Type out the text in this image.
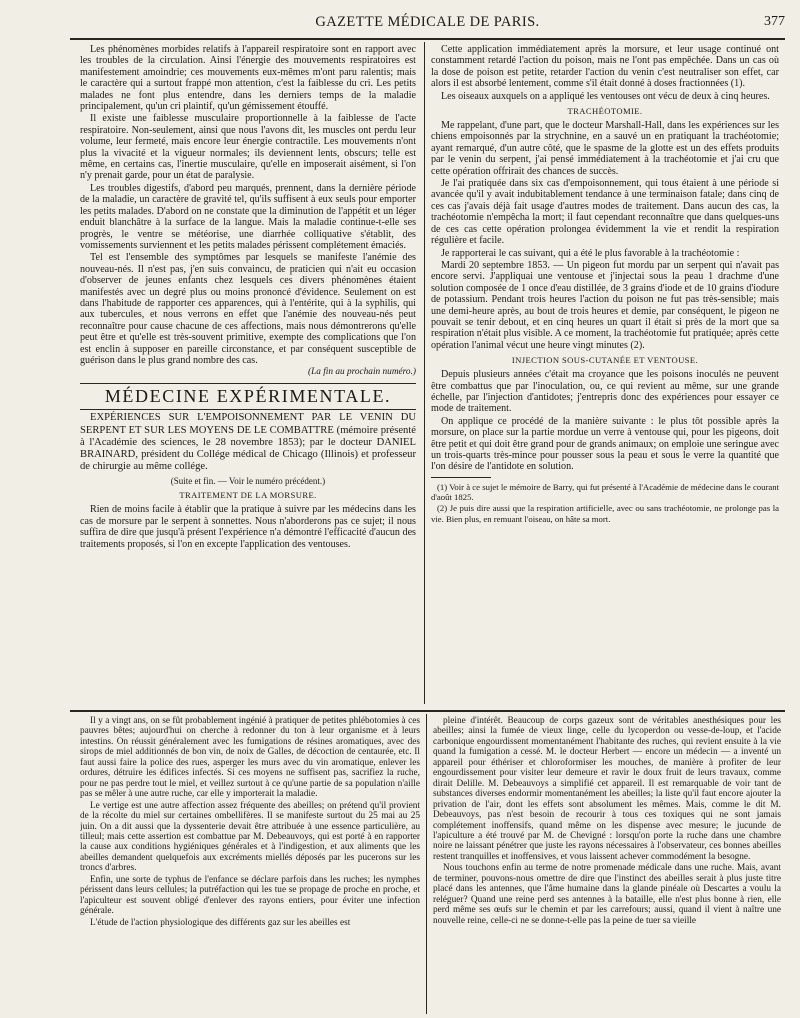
GAZETTE MÉDICALE DE PARIS.	377

Les phénomènes morbides relatifs à l'appareil respiratoire sont en rapport avec les troubles de la circulation. Ainsi l'énergie des mouvements respiratoires est manifestement amoindrie; ces mouvements eux-mêmes m'ont paru ralentis; mais le caractère qui a surtout frappé mon attention, c'est la faiblesse du cri. Les petits malades ne font plus entendre, dans les derniers temps de la maladie principalement, qu'un cri plaintif, qu'un gémissement étouffé.

Il existe une faiblesse musculaire proportionnelle à la faiblesse de l'acte respiratoire. Non-seulement, ainsi que nous l'avons dit, les muscles ont perdu leur volume, leur fermeté, mais encore leur énergie contractile. Les mouvements n'ont plus la vivacité et la vigueur normales; ils deviennent lents, obscurs; telle est même, en certains cas, l'inertie musculaire, qu'elle en imposerait aisément, si l'on n'y prenait garde, pour un état de paralysie.

Les troubles digestifs, d'abord peu marqués, prennent, dans la dernière période de la maladie, un caractère de gravité tel, qu'ils suffisent à eux seuls pour emporter les petits malades. D'abord on ne constate que la diminution de l'appétit et un léger enduit blanchâtre à la surface de la langue. Mais la maladie continue-t-elle ses progrès, le ventre se météorise, une diarrhée colliquative s'établit, des vomissements surviennent et les petits malades périssent complétement émaciés.

Tel est l'ensemble des symptômes par lesquels se manifeste l'anémie des nouveau-nés. Il n'est pas, j'en suis convaincu, de praticien qui n'ait eu occasion d'observer de jeunes enfants chez lesquels ces divers phénomènes étaient manifestés avec un degré plus ou moins prononcé d'évidence. Seulement on est dans l'habitude de rapporter ces apparences, qui à l'entérite, qui à la syphilis, qui aux tubercules, et nous verrons en effet que l'anémie des nouveau-nés peut reconnaître pour cause chacune de ces affections, mais nous démontrerons qu'elle peut être et qu'elle est très-souvent primitive, exempte des complications que l'on est enclin à supposer en pareille circonstance, et par conséquent susceptible de guérison dans le plus grand nombre des cas.

(La fin au prochain numéro.)
MÉDECINE EXPÉRIMENTALE.

EXPÉRIENCES SUR L'EMPOISONNEMENT PAR LE VENIN DU SERPENT ET SUR LES MOYENS DE LE COMBATTRE (mémoire présenté à l'Académie des sciences, le 28 novembre 1853); par le docteur DANIEL BRAINARD, président du Collége médical de Chicago (Illinois) et professeur de chirurgie au même collége.

(Suite et fin. — Voir le numéro précédent.)
TRAITEMENT DE LA MORSURE.

Rien de moins facile à établir que la pratique à suivre par les médecins dans les cas de morsure par le serpent à sonnettes. Nous n'aborderons pas ce sujet; il nous suffira de dire que jusqu'à présent l'expérience n'a démontré l'efficacité d'aucun des traitements proposés, si l'on en excepte l'application des ventouses.

Cette application immédiatement après la morsure, et leur usage continué ont constamment retardé l'action du poison, mais ne l'ont pas empêchée. Dans un cas où la dose de poison est petite, retarder l'action du venin c'est neutraliser son effet, car alors il est absorbé lentement, comme s'il était donné à doses fractionnées (1).

Les oiseaux auxquels on a appliqué les ventouses ont vécu de deux à cinq heures.

TRACHÉOTOMIE.

Me rappelant, d'une part, que le docteur Marshall-Hall, dans les expériences sur les chiens empoisonnés par la strychnine, en a sauvé un en pratiquant la trachéotomie; ayant remarqué, d'un autre côté, que le spasme de la glotte est un des effets produits par le venin du serpent, j'ai pensé immédiatement à la trachéotomie et j'ai cru que cette opération offrirait des chances de succès.

Je l'ai pratiquée dans six cas d'empoisonnement, qui tous étaient à une période si avancée qu'il y avait indubitablement tendance à une terminaison fatale; dans cinq de ces cas j'avais déjà fait usage d'autres modes de traitement. Dans aucun des cas, la trachéotomie n'empêcha la mort; il faut cependant reconnaître que dans quelques-uns de ces cas cette opération prolongea évidemment la vie et rendit la respiration régulière et facile.

Je rapporterai le cas suivant, qui a été le plus favorable à la trachéotomie :

Mardi 20 septembre 1853. — Un pigeon fut mordu par un serpent qui n'avait pas encore servi. J'appliquai une ventouse et j'injectai sous la peau 1 drachme d'une solution composée de 1 once d'eau distillée, de 3 grains d'iode et de 10 grains d'iodure de potassium. Pendant trois heures l'action du poison ne fut pas très-sensible; mais une demi-heure après, au bout de trois heures et demie, par conséquent, le pigeon ne pouvait se tenir debout, et en cinq heures un quart il était si près de la mort que sa respiration n'était plus visible. A ce moment, la trachéotomie fut pratiquée; après cette opération l'animal vécut une heure vingt minutes (2).

INJECTION SOUS-CUTANÉE ET VENTOUSE.

Depuis plusieurs années c'était ma croyance que les poisons inoculés ne peuvent être combattus que par l'inoculation, ou, ce qui revient au même, sur une grande échelle, par l'injection d'antidotes; j'entrepris donc des expériences pour essayer ce mode de traitement.

On applique ce procédé de la manière suivante : le plus tôt possible après la morsure, on place sur la partie mordue un verre à ventouse qui, pour les pigeons, doit être petit et qui doit être grand pour de grands animaux; on emploie une seringue avec un trois-quarts très-mince pour pousser sous la peau et sous le verre la quantité que l'on désire de l'antidote en solution.

(1) Voir à ce sujet le mémoire de Barry, qui fut présenté à l'Académie de médecine dans le courant d'août 1825.

(2) Je puis dire aussi que la respiration artificielle, avec ou sans trachéotomie, ne prolonge pas la vie. Bien plus, en remuant l'oiseau, on hâte sa mort.

Il y a vingt ans, on se fût probablement ingénié à pratiquer de petites phlébotomies à ces pauvres bêtes; aujourd'hui on cherche à redonner du ton à leur organisme et à leurs intestins. On réussit généralement avec les fumigations de résines aromatiques, avec des sirops de miel additionnés de bon vin, de noix de Galles, de décoction de centaurée, etc. Il faut aussi faire la police des rues, asperger les murs avec du vin aromatique, enlever les ordures, détruire les édifices infectés. Si ces moyens ne suffisent pas, sacrifiez la ruche, pour ne pas perdre tout le miel, et veillez surtout à ce qu'une partie de sa population n'aille pas se mêler à une autre ruche, car elle y importerait la maladie.

Le vertige est une autre affection assez fréquente des abeilles; on prétend qu'il provient de la récolte du miel sur certaines ombellifères. Il se manifeste surtout du 25 mai au 25 juin. On a dit aussi que la dyssenterie devait être attribuée à une essence particulière, au tilleul; mais cette assertion est combattue par M. Debeauvoys, qui est porté à en rapporter la cause aux conditions hygiéniques générales et à l'indigestion, et aux aliments que les abeilles demandent quelquefois aux excréments miellés déposés par les pucerons sur les troncs d'arbres.

Enfin, une sorte de typhus de l'enfance se déclare parfois dans les ruches; les nymphes périssent dans leurs cellules; la putréfaction qui les tue se propage de proche en proche, et l'apiculteur est souvent obligé d'enlever des rayons entiers, pour éviter une infection générale.

L'étude de l'action physiologique des différents gaz sur les abeilles est

pleine d'intérêt. Beaucoup de corps gazeux sont de véritables anesthésiques pour les abeilles; ainsi la fumée de vieux linge, celle du lycoperdon ou vesse-de-loup, et l'acide carbonique engourdissent momentanément l'habitante des ruches, qui revient ensuite à la vie quand la fumigation a cessé. M. le docteur Herbert — encore un médecin — a inventé un appareil pour éthériser et chloroformiser les mouches, de manière à profiter de leur engourdissement pour visiter leur demeure et ravir le doux fruit de leurs travaux, comme dirait Delille. M. Debeauvoys a simplifié cet appareil. Il est remarquable de voir tant de substances diverses endormir momentanément les abeilles; la liste qu'il faut encore ajouter la privation de l'air, dont les effets sont absolument les mêmes. Mais, comme le dit M. Debeauvoys, pas n'est besoin de recourir à tous ces toxiques qui ne sont jamais complétement inoffensifs, quand même on les dispense avec mesure; le jucunde de l'apiculture a été trouvé par M. de Chevigné : lorsqu'on porte la ruche dans une chambre noire ne laissant pénétrer que juste les rayons nécessaires à l'observateur, ces bonnes abeilles restent tranquilles et inoffensives, et vous laissent achever commodément la besogne.

Nous touchons enfin au terme de notre promenade médicale dans une ruche. Mais, avant de terminer, pouvons-nous omettre de dire que l'instinct des abeilles serait à plus juste titre placé dans les antennes, que l'âme humaine dans la glande pinéale où Descartes a voulu la reléguer? Quand une reine perd ses antennes à la bataille, elle n'est plus bonne à rien, elle perd même ses œufs sur le chemin et par les carrefours; aussi, quand il vient à naître une nouvelle reine, celle-ci ne se donne-t-elle pas la peine de tuer sa vieille
